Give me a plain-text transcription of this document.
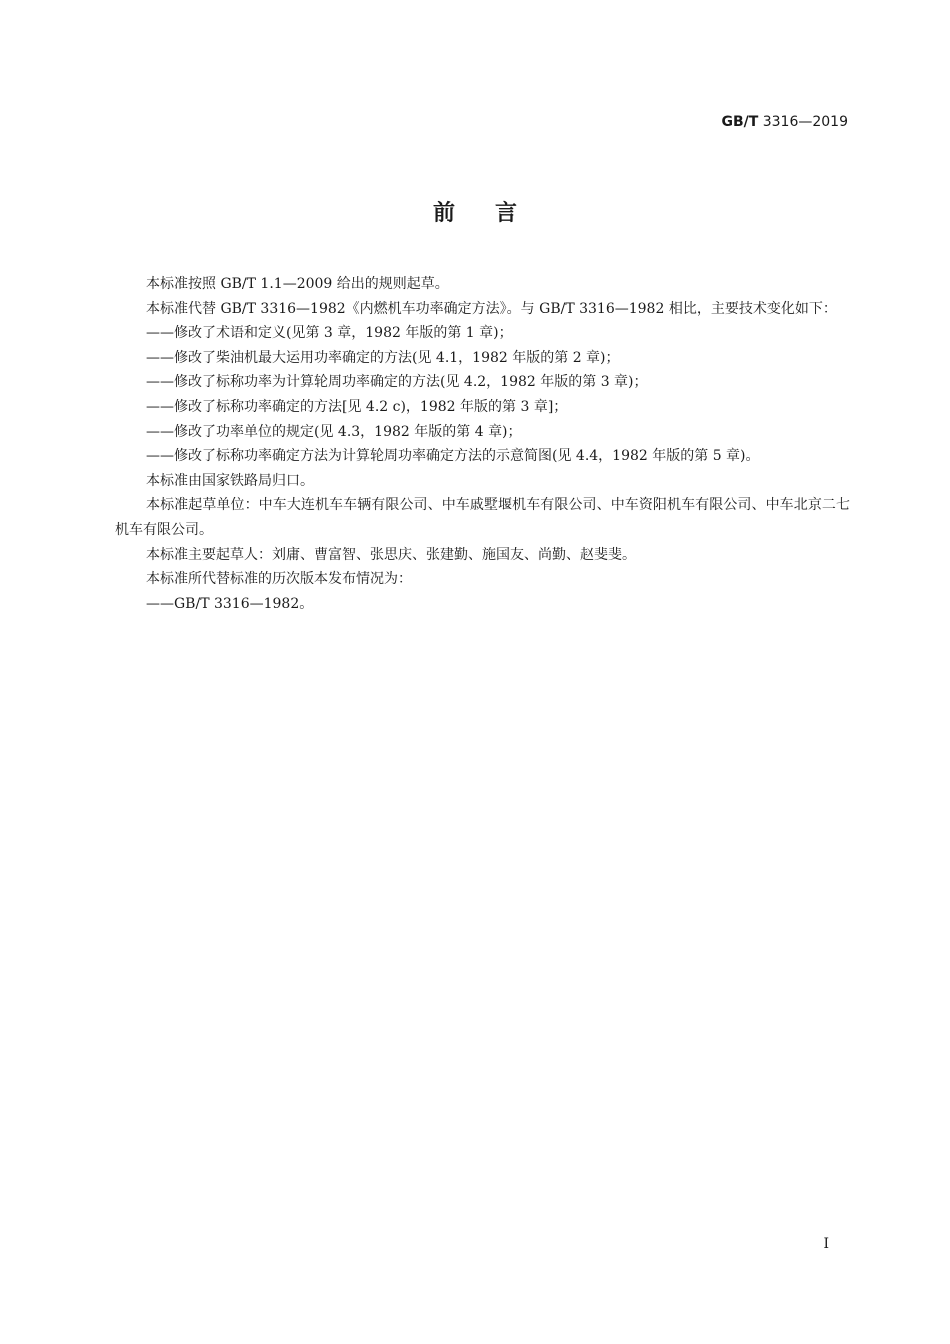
GB/T 3316—2019
前言

本标准按照 GB/T 1.1—2009 给出的规则起草。

本标准代替 GB/T 3316—1982《内燃机车功率确定方法》。与 GB/T 3316—1982 相比，主要技术变化如下：

——修改了术语和定义(见第 3 章，1982 年版的第 1 章)；

——修改了柴油机最大运用功率确定的方法(见 4.1，1982 年版的第 2 章)；

——修改了标称功率为计算轮周功率确定的方法(见 4.2，1982 年版的第 3 章)；

——修改了标称功率确定的方法[见 4.2 c)，1982 年版的第 3 章]；

——修改了功率单位的规定(见 4.3，1982 年版的第 4 章)；

——修改了标称功率确定方法为计算轮周功率确定方法的示意简图(见 4.4，1982 年版的第 5 章)。

本标准由国家铁路局归口。

本标准起草单位：中车大连机车车辆有限公司、中车戚墅堰机车有限公司、中车资阳机车有限公司、中车北京二七机车有限公司。

本标准主要起草人：刘庸、曹富智、张思庆、张建勤、施国友、尚勤、赵斐斐。

本标准所代替标准的历次版本发布情况为：

——GB/T 3316—1982。

I
